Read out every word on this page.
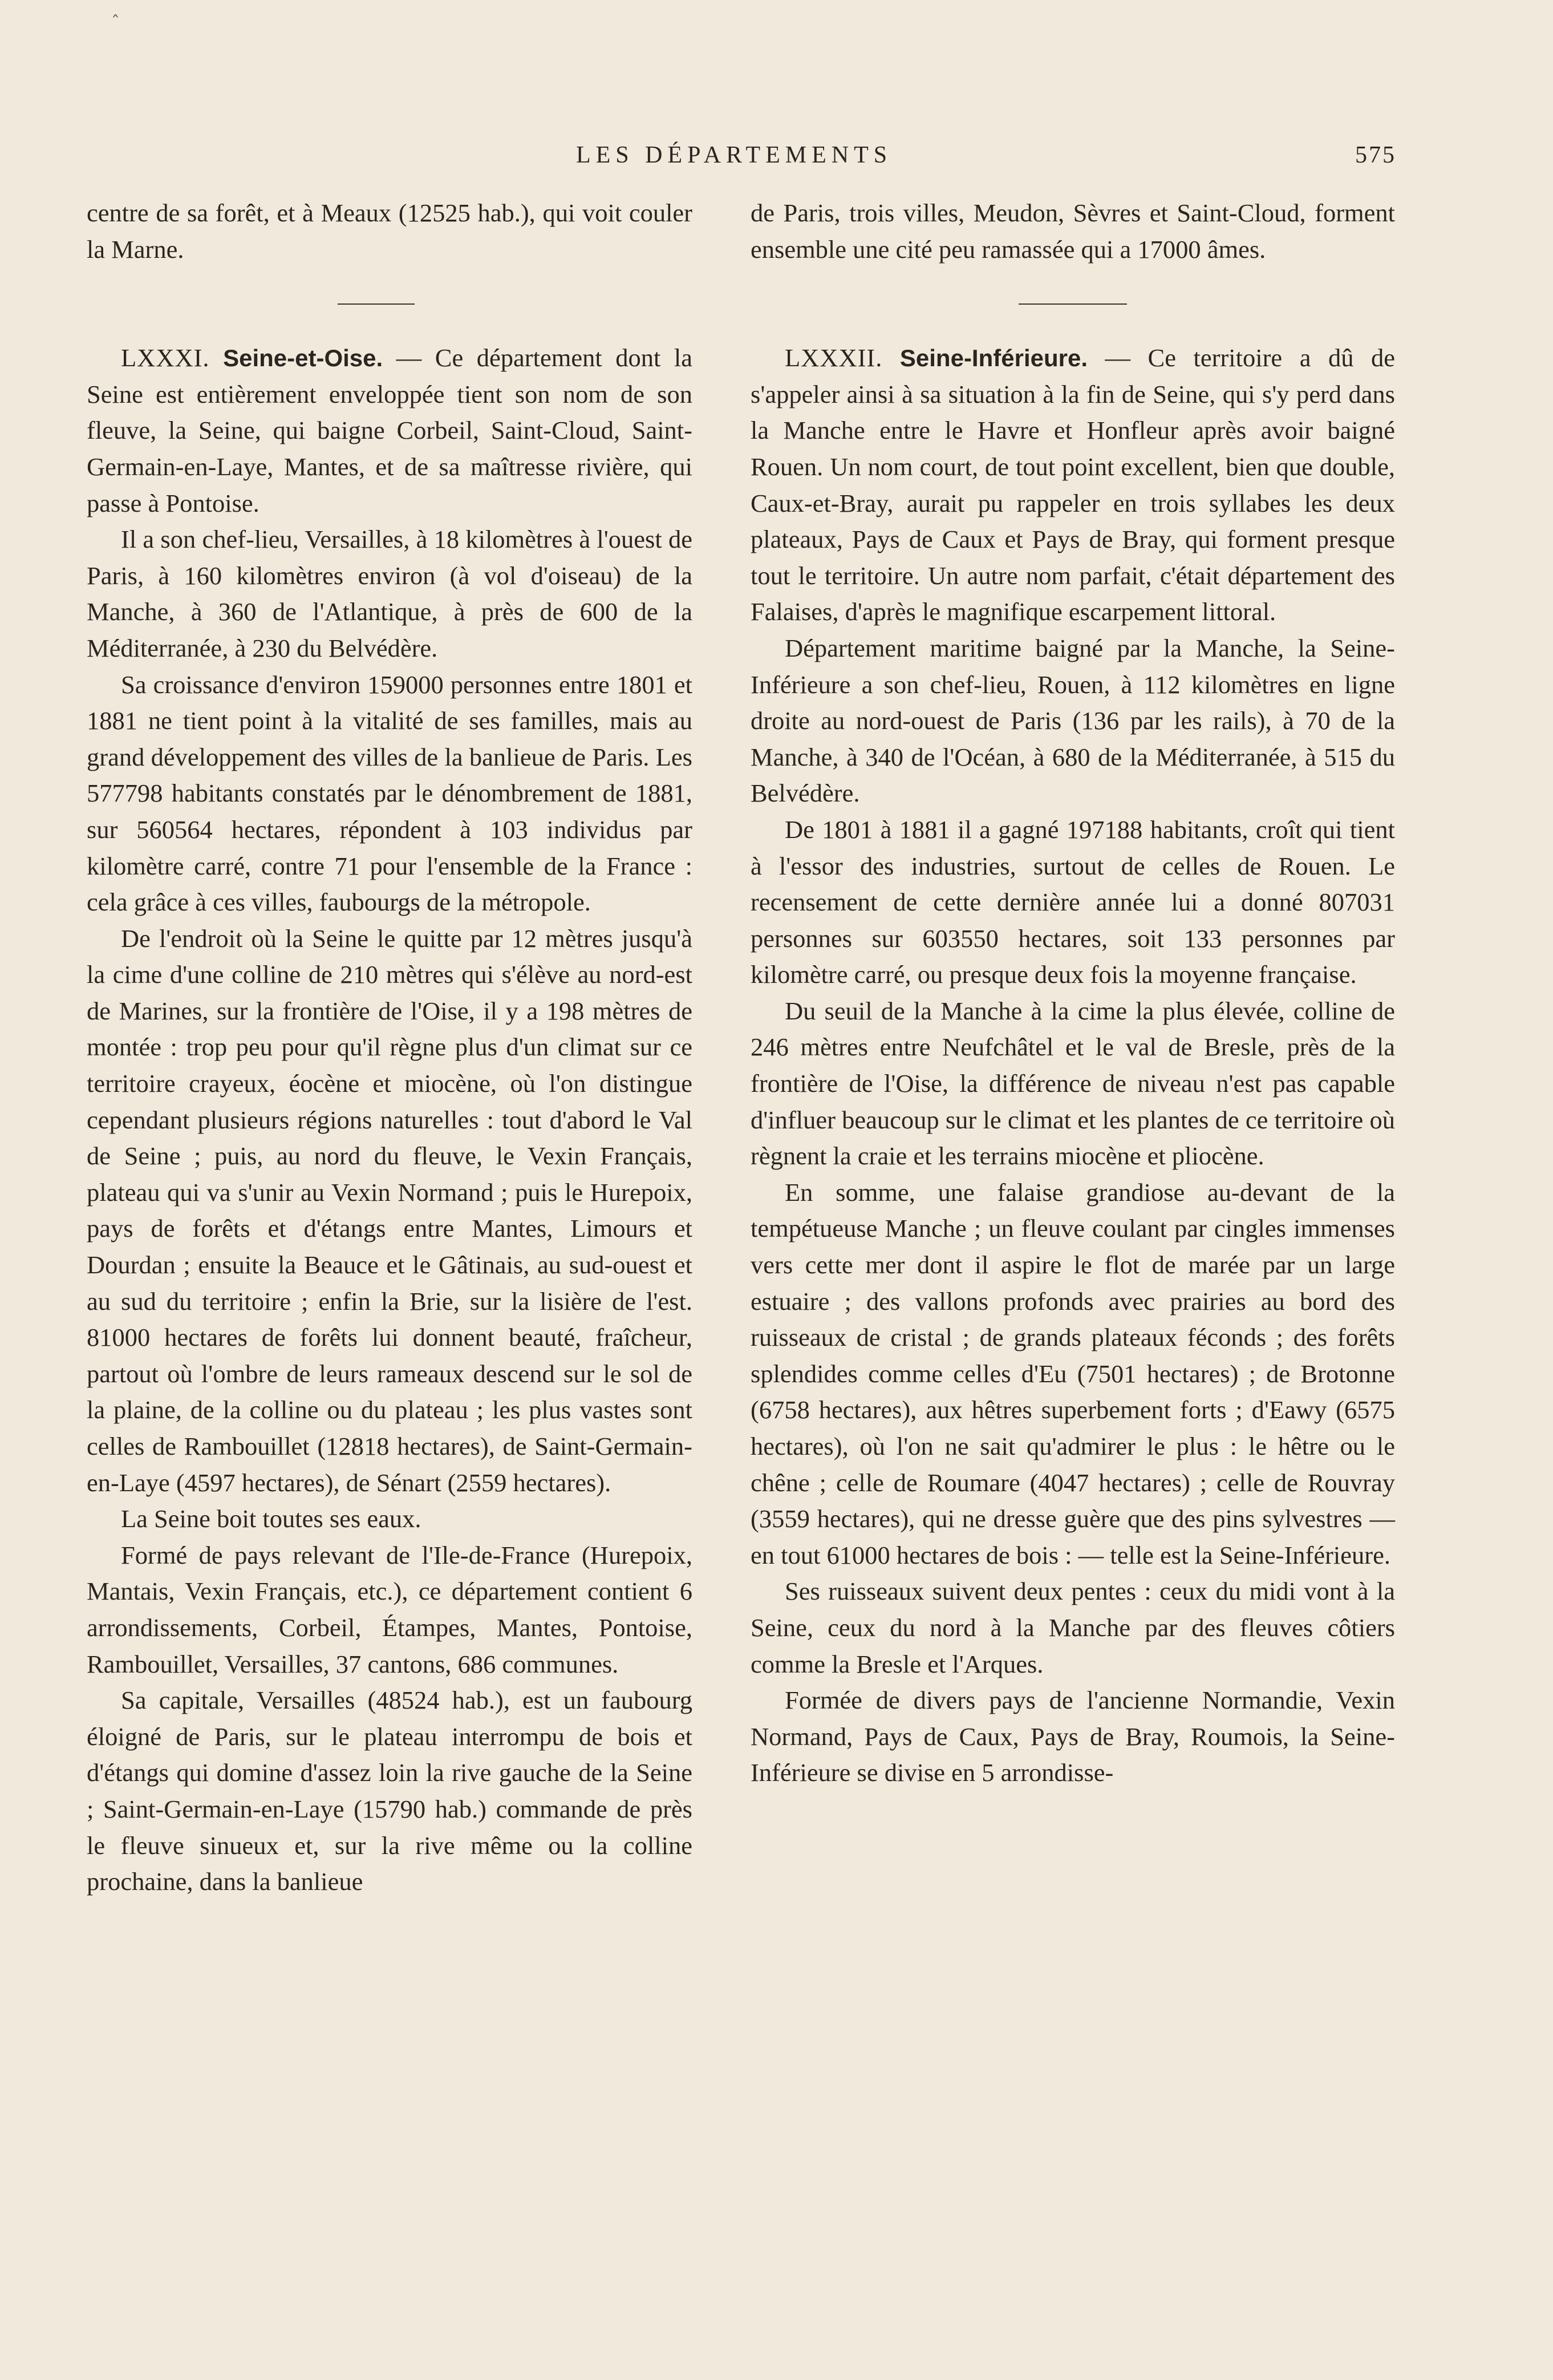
LES DÉPARTEMENTS	575

centre de sa forêt, et à Meaux (12525 hab.), qui voit couler la Marne.

LXXXI. Seine-et-Oise. — Ce département dont la Seine est entièrement enveloppée tient son nom de son fleuve, la Seine, qui baigne Corbeil, Saint-Cloud, Saint-Germain-en-Laye, Mantes, et de sa maîtresse rivière, qui passe à Pontoise.

Il a son chef-lieu, Versailles, à 18 kilomètres à l'ouest de Paris, à 160 kilomètres environ (à vol d'oiseau) de la Manche, à 360 de l'Atlantique, à près de 600 de la Méditerranée, à 230 du Belvédère.

Sa croissance d'environ 159000 personnes entre 1801 et 1881 ne tient point à la vitalité de ses familles, mais au grand développement des villes de la banlieue de Paris. Les 577798 habitants constatés par le dénombrement de 1881, sur 560564 hectares, répondent à 103 individus par kilomètre carré, contre 71 pour l'ensemble de la France : cela grâce à ces villes, faubourgs de la métropole.

De l'endroit où la Seine le quitte par 12 mètres jusqu'à la cime d'une colline de 210 mètres qui s'élève au nord-est de Marines, sur la frontière de l'Oise, il y a 198 mètres de montée : trop peu pour qu'il règne plus d'un climat sur ce territoire crayeux, éocène et miocène, où l'on distingue cependant plusieurs régions naturelles : tout d'abord le Val de Seine ; puis, au nord du fleuve, le Vexin Français, plateau qui va s'unir au Vexin Normand ; puis le Hurepoix, pays de forêts et d'étangs entre Mantes, Limours et Dourdan ; ensuite la Beauce et le Gâtinais, au sud-ouest et au sud du territoire ; enfin la Brie, sur la lisière de l'est. 81000 hectares de forêts lui donnent beauté, fraîcheur, partout où l'ombre de leurs rameaux descend sur le sol de la plaine, de la colline ou du plateau ; les plus vastes sont celles de Rambouillet (12818 hectares), de Saint-Germain-en-Laye (4597 hectares), de Sénart (2559 hectares).

La Seine boit toutes ses eaux.

Formé de pays relevant de l'Ile-de-France (Hurepoix, Mantais, Vexin Français, etc.), ce département contient 6 arrondissements, Corbeil, Étampes, Mantes, Pontoise, Rambouillet, Versailles, 37 cantons, 686 communes.

Sa capitale, Versailles (48524 hab.), est un faubourg éloigné de Paris, sur le plateau interrompu de bois et d'étangs qui domine d'assez loin la rive gauche de la Seine ; Saint-Germain-en-Laye (15790 hab.) commande de près le fleuve sinueux et, sur la rive même ou la colline prochaine, dans la banlieue

de Paris, trois villes, Meudon, Sèvres et Saint-Cloud, forment ensemble une cité peu ramassée qui a 17000 âmes.

LXXXII. Seine-Inférieure. — Ce territoire a dû de s'appeler ainsi à sa situation à la fin de Seine, qui s'y perd dans la Manche entre le Havre et Honfleur après avoir baigné Rouen. Un nom court, de tout point excellent, bien que double, Caux-et-Bray, aurait pu rappeler en trois syllabes les deux plateaux, Pays de Caux et Pays de Bray, qui forment presque tout le territoire. Un autre nom parfait, c'était département des Falaises, d'après le magnifique escarpement littoral.

Département maritime baigné par la Manche, la Seine-Inférieure a son chef-lieu, Rouen, à 112 kilomètres en ligne droite au nord-ouest de Paris (136 par les rails), à 70 de la Manche, à 340 de l'Océan, à 680 de la Méditerranée, à 515 du Belvédère.

De 1801 à 1881 il a gagné 197188 habitants, croît qui tient à l'essor des industries, surtout de celles de Rouen. Le recensement de cette dernière année lui a donné 807031 personnes sur 603550 hectares, soit 133 personnes par kilomètre carré, ou presque deux fois la moyenne française.

Du seuil de la Manche à la cime la plus élevée, colline de 246 mètres entre Neufchâtel et le val de Bresle, près de la frontière de l'Oise, la différence de niveau n'est pas capable d'influer beaucoup sur le climat et les plantes de ce territoire où règnent la craie et les terrains miocène et pliocène.

En somme, une falaise grandiose au-devant de la tempétueuse Manche ; un fleuve coulant par cingles immenses vers cette mer dont il aspire le flot de marée par un large estuaire ; des vallons profonds avec prairies au bord des ruisseaux de cristal ; de grands plateaux féconds ; des forêts splendides comme celles d'Eu (7501 hectares) ; de Brotonne (6758 hectares), aux hêtres superbement forts ; d'Eawy (6575 hectares), où l'on ne sait qu'admirer le plus : le hêtre ou le chêne ; celle de Roumare (4047 hectares) ; celle de Rouvray (3559 hectares), qui ne dresse guère que des pins sylvestres — en tout 61000 hectares de bois : — telle est la Seine-Inférieure.

Ses ruisseaux suivent deux pentes : ceux du midi vont à la Seine, ceux du nord à la Manche par des fleuves côtiers comme la Bresle et l'Arques.

Formée de divers pays de l'ancienne Normandie, Vexin Normand, Pays de Caux, Pays de Bray, Roumois, la Seine-Inférieure se divise en 5 arrondisse-

ˆ
